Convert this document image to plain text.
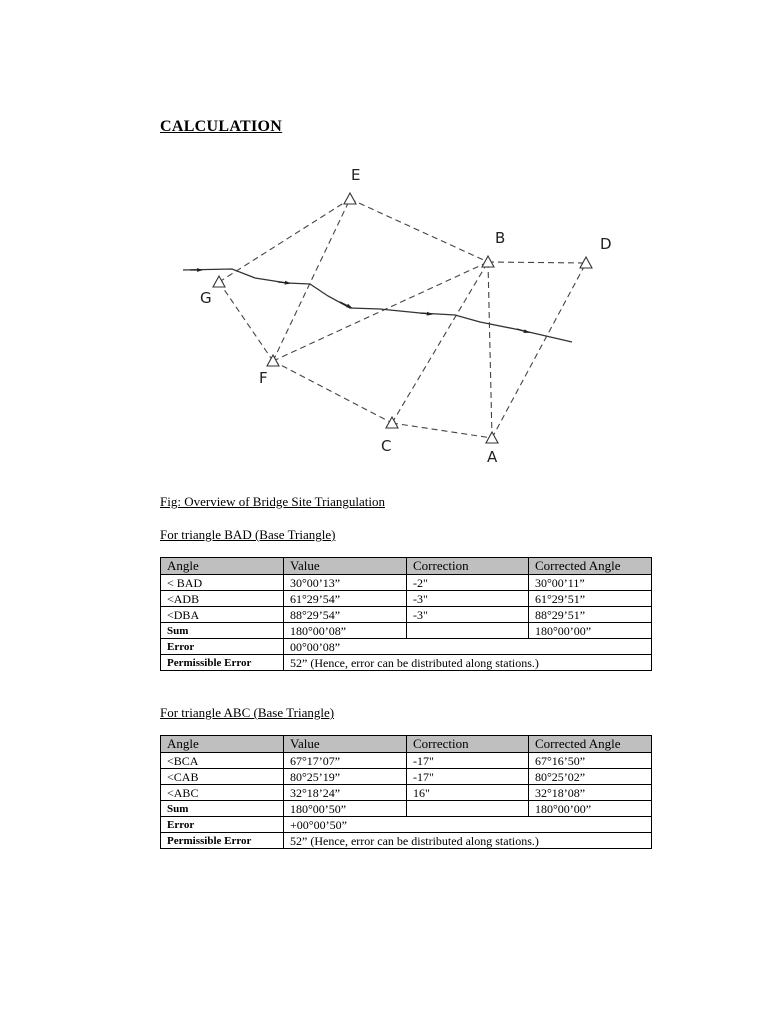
CALCULATION
E
B	D
G
F
C
A
Fig: Overview of Bridge Site Triangulation
For triangle BAD (Base Triangle)
Angle	Value	Correction	Corrected Angle
< BAD	30°00’13”	-2"	30°00’11”
<ADB	61°29’54”	-3"	61°29’51”
<DBA	88°29’54”	-3"	88°29’51”
Sum	180°00’08”		180°00’00”
Error	00°00’08”		
Permissible Error	52” (Hence, error can be distributed along stations.)		
For triangle ABC (Base Triangle)
Angle	Value	Correction	Corrected Angle
<BCA	67°17’07”	-17"	67°16’50”
<CAB	80°25’19”	-17"	80°25’02”
<ABC	32°18’24”	16"	32°18’08”
Sum	180°00’50”		180°00’00”
Error	+00°00’50”		
Permissible Error	52” (Hence, error can be distributed along stations.)		
